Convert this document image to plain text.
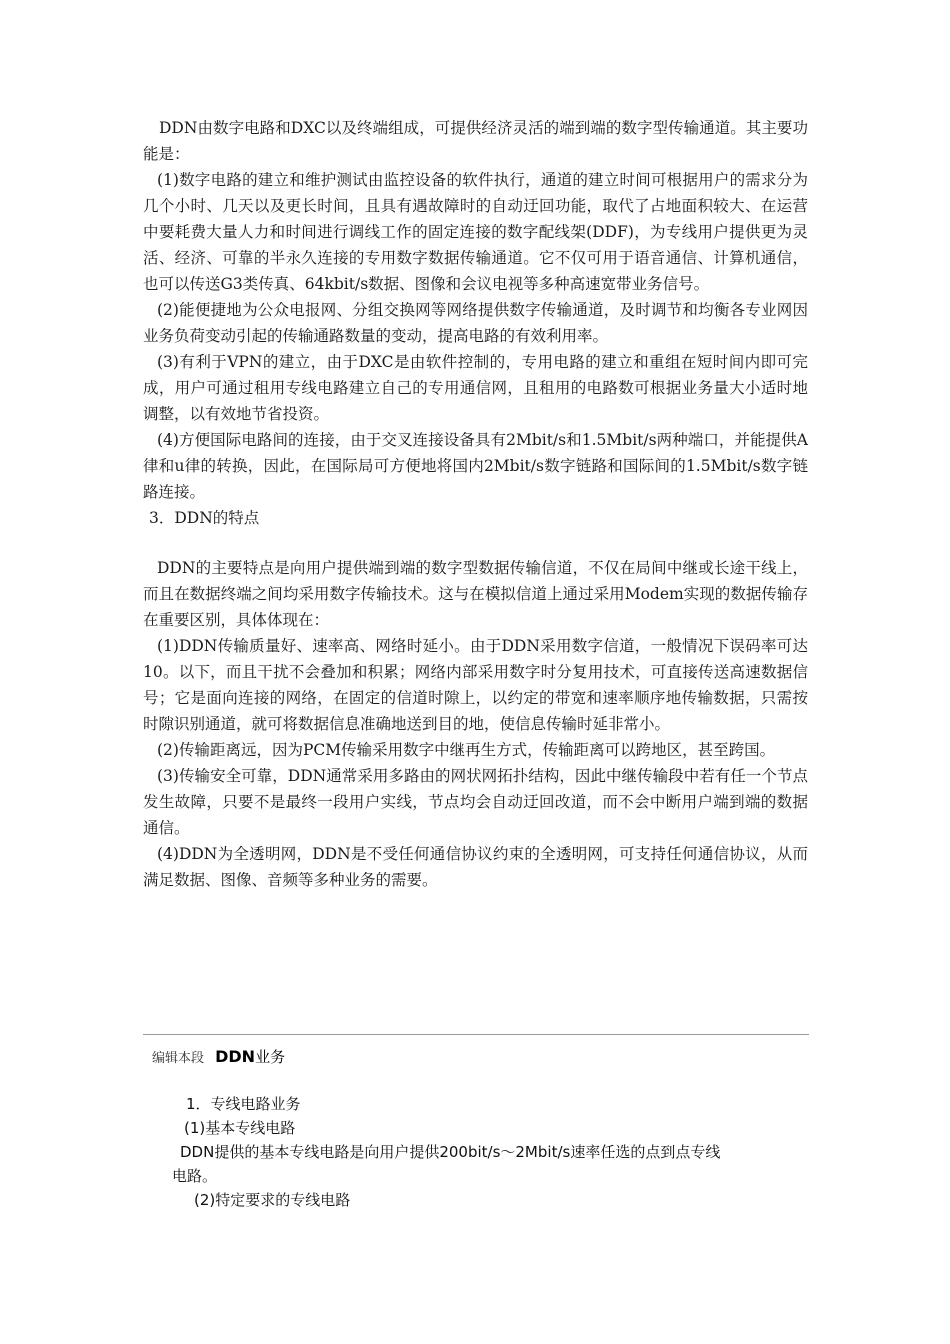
DDN由数字电路和DXC以及终端组成，可提供经济灵活的端到端的数字型传输通道。其主要功能是：

(1)数字电路的建立和维护测试由监控设备的软件执行，通道的建立时间可根据用户的需求分为几个小时、几天以及更长时间，且具有遇故障时的自动迂回功能，取代了占地面积较大、在运营中要耗费大量人力和时间进行调线工作的固定连接的数字配线架(DDF)，为专线用户提供更为灵活、经济、可靠的半永久连接的专用数字数据传输通道。它不仅可用于语音通信、计算机通信，也可以传送G3类传真、64kbit/s数据、图像和会议电视等多种高速宽带业务信号。

(2)能便捷地为公众电报网、分组交换网等网络提供数字传输通道，及时调节和均衡各专业网因业务负荷变动引起的传输通路数量的变动，提高电路的有效利用率。

(3)有利于VPN的建立，由于DXC是由软件控制的，专用电路的建立和重组在短时间内即可完成，用户可通过租用专线电路建立自己的专用通信网，且租用的电路数可根据业务量大小适时地调整，以有效地节省投资。

(4)方便国际电路间的连接，由于交叉连接设备具有2Mbit/s和1.5Mbit/s两种端口，并能提供A律和u律的转换，因此，在国际局可方便地将国内2Mbit/s数字链路和国际间的1.5Mbit/s数字链路连接。

3．DDN的特点

DDN的主要特点是向用户提供端到端的数字型数据传输信道，不仅在局间中继或长途干线上，而且在数据终端之间均采用数字传输技术。这与在模拟信道上通过采用Modem实现的数据传输存在重要区别，具体体现在：

(1)DDN传输质量好、速率高、网络时延小。由于DDN采用数字信道，一般情况下误码率可达10。以下，而且干扰不会叠加和积累；网络内部采用数字时分复用技术，可直接传送高速数据信号；它是面向连接的网络，在固定的信道时隙上，以约定的带宽和速率顺序地传输数据，只需按时隙识别通道，就可将数据信息准确地送到目的地，使信息传输时延非常小。

(2)传输距离远，因为PCM传输采用数字中继再生方式，传输距离可以跨地区，甚至跨国。

(3)传输安全可靠，DDN通常采用多路由的网状网拓扑结构，因此中继传输段中若有任一个节点发生故障，只要不是最终一段用户实线，节点均会自动迂回改道，而不会中断用户端到端的数据通信。

(4)DDN为全透明网，DDN是不受任何通信协议约束的全透明网，可支持任何通信协议，从而满足数据、图像、音频等多种业务的需要。

编辑本段 DDN业务

1．专线电路业务

(1)基本专线电路

DDN提供的基本专线电路是向用户提供200bit/s～2Mbit/s速率任选的点到点专线

电路。

(2)特定要求的专线电路
